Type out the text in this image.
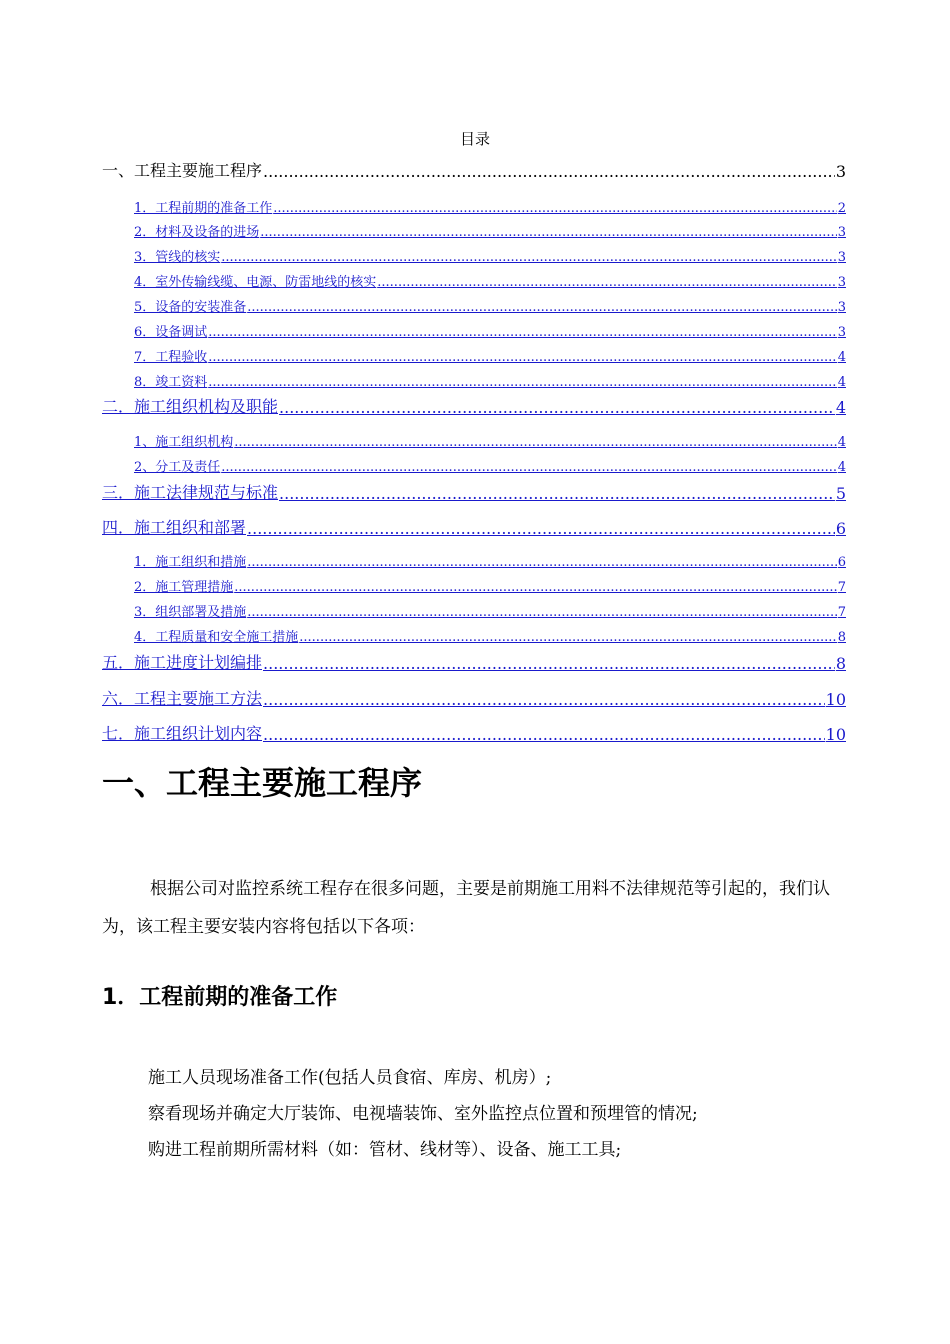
目录
一、工程主要施工程序 .....	3
1．工程前期的准备工作 .....	2
2．材料及设备的进场 .....	3
3．管线的核实 .....	3
4．室外传输线缆、电源、防雷地线的核实 .....	3
5．设备的安装准备 .....	3
6．设备调试 .....	3
7．工程验收 .....	4
8．竣工资料 .....	4
二．施工组织机构及职能 .....	4
1、施工组织机构 .....	4
2、分工及责任 .....	4
三．施工法律规范与标准 .....	5
四．施工组织和部署 .....	6
1．施工组织和措施 .....	6
2．施工管理措施 .....	7
3．组织部署及措施 .....	7
4．工程质量和安全施工措施 .....	8
五．施工进度计划编排 .....	8
六．工程主要施工方法 .....	10
七．施工组织计划内容 .....	10
一、工程主要施工程序
根据公司对监控系统工程存在很多问题，主要是前期施工用料不法律规范等引起的，我们认为，该工程主要安装内容将包括以下各项：
1．工程前期的准备工作
施工人员现场准备工作(包括人员食宿、库房、机房）;
察看现场并确定大厅装饰、电视墙装饰、室外监控点位置和预埋管的情况;
购进工程前期所需材料（如：管材、线材等）、设备、施工工具;
